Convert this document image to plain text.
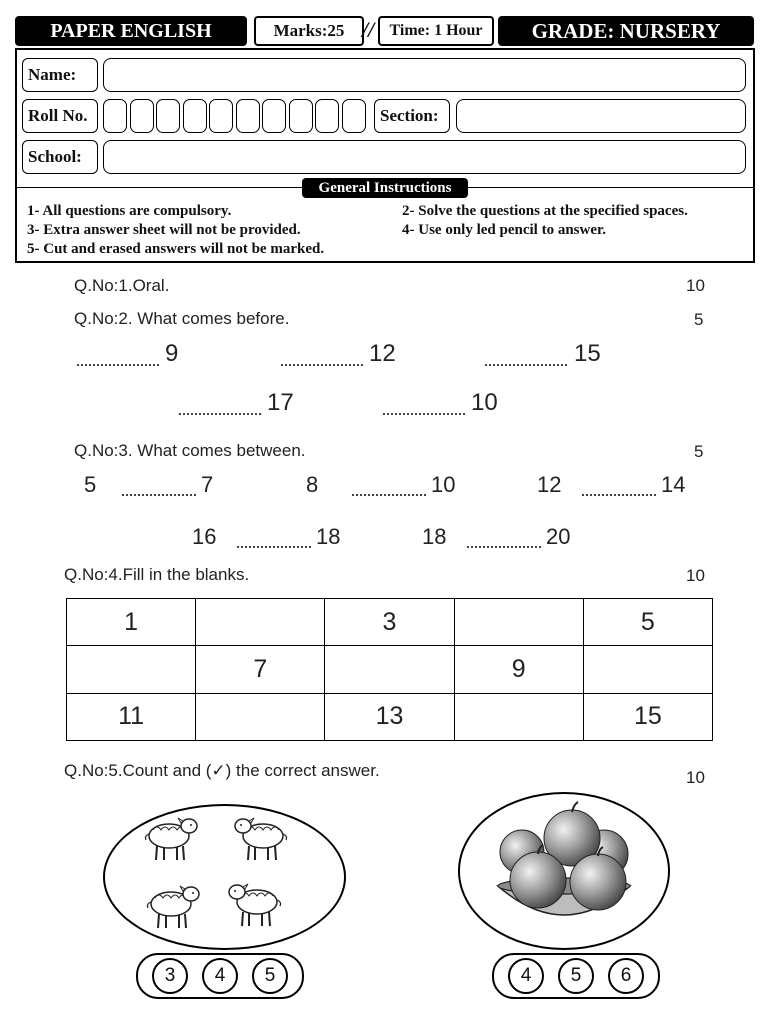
PAPER ENGLISH	Marks:25 // Time: 1 Hour	GRADE: NURSERY
Name:
Roll No.	Section:
School:
General Instructions
1- All questions are compulsory.	2- Solve the questions at the specified spaces.
3- Extra answer sheet will not be provided.	4- Use only led pencil to answer.
5- Cut and erased answers will not be marked.
Q.No:1.Oral.	10
Q.No:2. What comes before.	5
9	12	15
17	10
Q.No:3. What comes between.	5
5	7	8	10	12	14
16	18	18	20
Q.No:4.Fill in the blanks.	10
1		3		5
	7		9	
11		13		15
Q.No:5.Count and (✓) the correct answer.	10
3	4	5	4	5	6
